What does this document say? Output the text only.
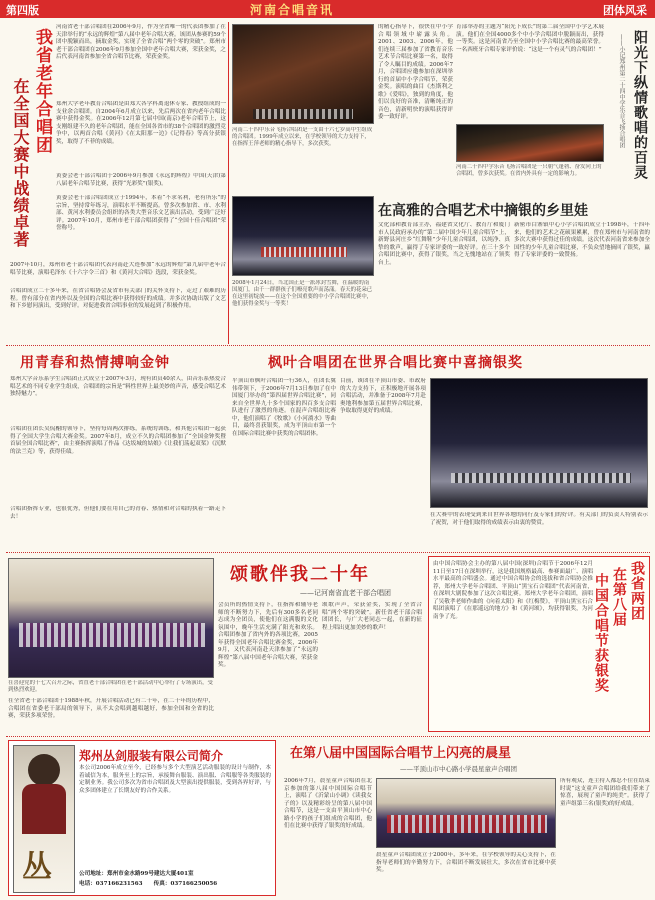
第四版	河南合唱音讯	团体风采
我省老年合唱团
在全国大赛中战绩卓著
河南省老干部合唱团在2006年9月，作为全省唯一的代表团参加了在天津举行的“永远的辉煌”第八届中老年合唱大赛。该团从参赛的59个团中脱颖而出，摘取金奖，实现了全省合唱“两个零的突破”。郑州市老干部合唱团在2006年9月参加全国中老年合唱大赛，荣获金奖，之后代表河南省参加全省合唱节比赛，荣获金奖。
郑州大学老年教育合唱团是由郑大各学科离退休专家、教授组成的一支业余合唱团。自2004年6月成立以来，先后两次在省内老年合唱比赛中获得金奖。在2006年12月第七届中国(南京)老年合唱节上，这支刚组建不久的老年合唱团，能在全国各省市的38个合唱团的激烈竞争中，以两首合唱《黄河》《在太阳那一边》《记得春》等高分获银奖，取得了不菲的成绩。
黄委会老干部合唱团于2006年9月参加《永远的辉煌》中国(天津)第八届老年合唱节比赛，获得“光彩奖”(银奖)。
黄委会老干部合唱团成立于1994年，本着“不求名利，老有所乐”的宗旨，坚持常年练习，演唱水平不断提高。曾多次参加省、市、水利部、黄河水利委员会组织的各类大型音乐文艺演出活动，受到广泛好评。2007年10月，郑州市老干部合唱团获得了“全国十佳合唱团”荣誉称号。
2007年10月，郑州市老干部合唱团代表河南赴大连参加“永远的辉煌”第九届中老年合唱节比赛，演唱毛泽东《十六字令三首》和《黄河大合唱》选段，荣获金奖。
合唱团成立二十多年来，在省合唱协会及省市有关部门的关怀支持下，走过了艰难的历程。曾有部分在省内外以及全国的合唱比赛中获得较好的成绩。并多次协助出版了文艺和下乡慰问演出，受到好评。对促进我省合唱事业的发展起到了积极作用。
河南二十四中乐音飞扬合唱团是一支由十六七岁高中生组成的合唱团。1999年成立以来，在学校领导的大力支持下，在指挥王萍老师的精心指导下，多次获奖。
的精心指导下，很快在中小学合唱领域中崭露头角。2001、2003、2006年，他们连续三届参加了省教育音乐艺术节合唱比赛第一名，取得了令人瞩目的成绩。2006年7月，合唱团应邀参加在深圳举行的首届中小学合唱节，荣获金奖。演唱的曲目《杰斯利之歌》《爱唱》，独到的角度，他们以良好的音准，清晰纯正的音色，清新明快的演唱获得评委一致好评。
育部举办的主题为“阳光下成长”的第二届全国中小学艺术展演。他们在全国4000多个中小学合唱团中脱颖而出，获得一等奖。这是河南省乃至全国中小学合唱比赛的最高荣誉。一名西班牙合唱专家评价说：“这是一个有灵气的合唱团！” 阳光下纵情歌唱的百灵
——小记郑州第二十四中学乐音飞扬合唱团
河南二十四中学乐音飞扬合唱团是一只朝气蓬勃、奋发向上的合唱团，曾多次获奖。在省内外具有一定的影响力。
在高雅的合唱艺术中摘银的乡里娃
文化部和教育部主办，福建省文化厅、教育厅和厦门市人民政府承办的“第二届中国少年儿童合唱节”上，新野县河庄乡“红舞鞋”少年儿童合唱团，以纯净、真挚的歌声，赢得了专家评委的一致好评。在三十多个合唱团比赛中，获得了银奖，当之无愧地站在了领奖台上。
新密市白寨镇中心小学合唱团成立于1998年，十四年来，他们的艺术之花硕果累累，曾在郑州市与河南省的多次大赛中获得过佳的成绩。这次代表河南省来参加全国性的少年儿童合唱比赛，不负众望地摘回了银奖，赢得了专家评委的一致赞扬。
2008年1月24日，当北国正是一派冰封雪舞，在温暖的南国厦门，由千一群群孩子们嘹亮歌声而荡漾。春天的花朵已在这里初绽放——在这个全国重要的中小学合唱团比赛中，他们获得金奖与一等奖！
用青春和热情搏响金钟
郑州大学音乐系学生合唱团正式成立于2007年3月，现有团员40余人，由音乐系热爱合唱艺术的不同专业学生组成，合唱团的宗旨是“料性世界上最美妙的声音，感受合唱艺术独特魅力”。
合唱团在团长吴侃榭的领导下，坚持每周两次排练，系统的训练，和其他合唱团一起获得了全国大学生合唱大赛金奖。2007年8月，成立不久的合唱团参加了“全国金钟奖暨首届全国合唱比赛”，由主赛指挥演唱了作品《达坂城的姑娘》《让我们荡起双桨》《沉默的法兰克》等，获得佳绩。
合唱团指挥专业，也很优秀，但他们要在用自己的青春、热情和对合唱的执着一路走下去！
枫叶合唱团在世界合唱比赛中喜摘银奖
平顶山市枫叶合唱团一行36人，在团长冀伟带领下，于2006年7月13日参加了在中国厦门举办的“第四届世界合唱比赛”，同来自全世界九十多个国家的四百多支合唱队进行了激烈的角逐。在混声合唱组比赛中，他们演唱了《牧歌》《小河淌水》等曲目，最终喜获银奖，成为平顶山市第一个在国际合唱比赛中获奖的合唱团体。
目前，该团在平顶山市委、市政府的大力支持下，正积极地开展各项合唱活动，并准备于2008年7月赴奥地利参加第五届世界合唱比赛，争取取得更好的成绩。
在大赛中的表现受到来自世界各地的同行及专家们的好评。有关部门的负责人特别表示了祝贺，对于他们取得的成绩表示由衷的赞赏。
颂歌伴我二十年
——记河南省直老干部合唱团
在喜迎党的十七大召开之际，省直老干部合唱团在老干部活动中心举行了专场演出，受到热烈欢迎。
在全省老干部合唱团于1988年秋，开展合唱活动已有二十年，在二十年的历程中，合唱团在省委老干部局的领导下，从不太会唱到越唱越好，参加全国和全省的比赛，荣获多项荣誉。
会员所的热情支持下，在指挥和辅导老师的不断努力下，先后有300多名老同志成为全团员，使他们在这满腹的文化氛围中，晚年生活充满了阳光和欢乐。合唱团参加了省内外的各项比赛，2005年获得全国老年合唱比赛金奖，2006年9月，又代表河南赴天津参加了“永远的辉煌”第八届中国老年合唱大赛，荣获金奖。
颂歌声声，荣获金奖，实现了全省合唱“两个零的突破”。新任省老干部合唱团团长，与广大老同志一起，在新的征程上唱出更加美妙的歌声！
由中国合唱协会主办的第八届中国(深圳)合唱节于2006年12月11日至17日在深圳举行，这是我国规格最高、参赛面最广、演唱水平最高的合唱盛会。通过中国合唱协会的选拔和省合唱协会推荐，郑州大学老年合唱团、平顶山“黑宝石合唱团”代表河南省，在深圳大剧院参加了这次合唱比赛。郑州大学老年合唱团，演唱了吴敬孝老师作曲的《向着太阳》和《红梅赞》，平顶山黑宝石合唱团演唱了《在那遥远的地方》和《黄河颂》，均获得银奖，为河南争了光。	我省两团
在第八届
中国合唱节获银奖
丛
郑州丛剑服装有限公司简介
本公司2006年成立至今，已经参与多个大型演艺活动服装的设计与制作，本着诚信为本，服务至上的宗旨，承接舞台服装、演出服、合唱服等各类服装的定制业务。我公司多次为省市合唱团及大型演出提供服装，受到各界好评，与众多团体建立了长期友好的合作关系。
公司地址：郑州市金水路99号建达大厦401室
电话：037166231563　　传真：037166250056
在第八届中国国际合唱节上闪亮的晨星
——平顶山市中心路小学晨星童声合唱团
2006年7月，晨星童声合唱团在北京参加的第八届中国国际合唱节上，演唱了《沂蒙山小调》《读我女子的》以及精彩纷呈的第八届中国合唱节，这是一支由平顶山市中心路小学的孩子们组成的合唱团，他们在比赛中获得了银奖的好成绩。
晨星童声合唱团成立于2000年，多年来，在学校领导的关心支持下，在指导老师们的辛勤努力下，合唱团不断发展壮大，多次在省市比赛中获奖。
所有观众，连主持人都忍不住在结束时说“这支童声合唱团给我们带来了惊喜，展现了童声的纯美”。获得了童声组第三名(银奖)的好成绩。
